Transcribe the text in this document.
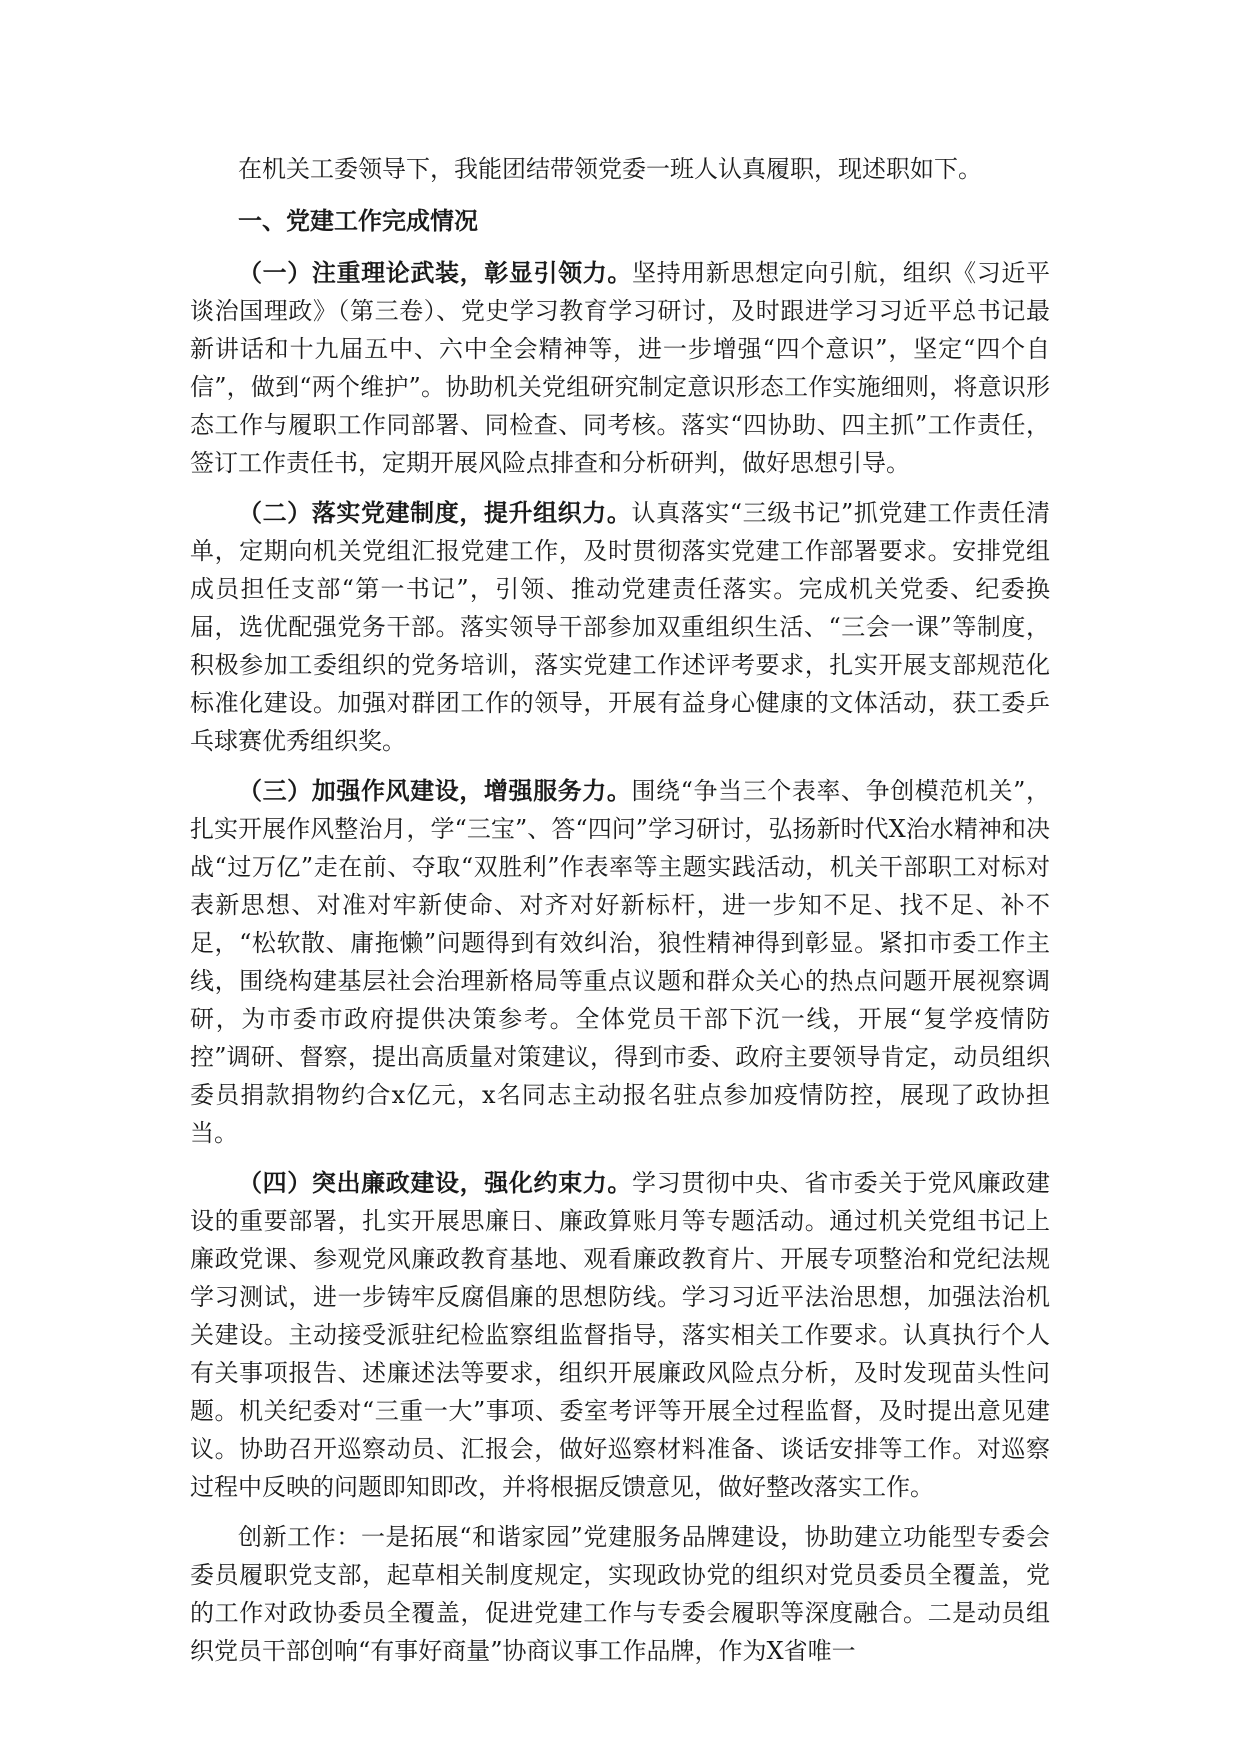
在机关工委领导下，我能团结带领党委一班人认真履职，现述职如下。

一、党建工作完成情况

（一）注重理论武装，彰显引领力。坚持用新思想定向引航，组织《习近平谈治国理政》（第三卷）、党史学习教育学习研讨，及时跟进学习习近平总书记最新讲话和十九届五中、六中全会精神等，进一步增强“四个意识”，坚定“四个自信”，做到“两个维护”。协助机关党组研究制定意识形态工作实施细则，将意识形态工作与履职工作同部署、同检查、同考核。落实“四协助、四主抓”工作责任，签订工作责任书，定期开展风险点排查和分析研判，做好思想引导。

（二）落实党建制度，提升组织力。认真落实“三级书记”抓党建工作责任清单，定期向机关党组汇报党建工作，及时贯彻落实党建工作部署要求。安排党组成员担任支部“第一书记”，引领、推动党建责任落实。完成机关党委、纪委换届，选优配强党务干部。落实领导干部参加双重组织生活、“三会一课”等制度，积极参加工委组织的党务培训，落实党建工作述评考要求，扎实开展支部规范化标准化建设。加强对群团工作的领导，开展有益身心健康的文体活动，获工委乒乓球赛优秀组织奖。

（三）加强作风建设，增强服务力。围绕“争当三个表率、争创模范机关”，扎实开展作风整治月，学“三宝”、答“四问”学习研讨，弘扬新时代X治水精神和决战“过万亿”走在前、夺取“双胜利”作表率等主题实践活动，机关干部职工对标对表新思想、对准对牢新使命、对齐对好新标杆，进一步知不足、找不足、补不足，“松软散、庸拖懒”问题得到有效纠治，狼性精神得到彰显。紧扣市委工作主线，围绕构建基层社会治理新格局等重点议题和群众关心的热点问题开展视察调研，为市委市政府提供决策参考。全体党员干部下沉一线，开展“复学疫情防控”调研、督察，提出高质量对策建议，得到市委、政府主要领导肯定，动员组织委员捐款捐物约合x亿元，x名同志主动报名驻点参加疫情防控，展现了政协担当。

（四）突出廉政建设，强化约束力。学习贯彻中央、省市委关于党风廉政建设的重要部署，扎实开展思廉日、廉政算账月等专题活动。通过机关党组书记上廉政党课、参观党风廉政教育基地、观看廉政教育片、开展专项整治和党纪法规学习测试，进一步铸牢反腐倡廉的思想防线。学习习近平法治思想，加强法治机关建设。主动接受派驻纪检监察组监督指导，落实相关工作要求。认真执行个人有关事项报告、述廉述法等要求，组织开展廉政风险点分析，及时发现苗头性问题。机关纪委对“三重一大”事项、委室考评等开展全过程监督，及时提出意见建议。协助召开巡察动员、汇报会，做好巡察材料准备、谈话安排等工作。对巡察过程中反映的问题即知即改，并将根据反馈意见，做好整改落实工作。

创新工作：一是拓展“和谐家园”党建服务品牌建设，协助建立功能型专委会委员履职党支部，起草相关制度规定，实现政协党的组织对党员委员全覆盖，党的工作对政协委员全覆盖，促进党建工作与专委会履职等深度融合。二是动员组织党员干部创响“有事好商量”协商议事工作品牌，作为X省唯一
